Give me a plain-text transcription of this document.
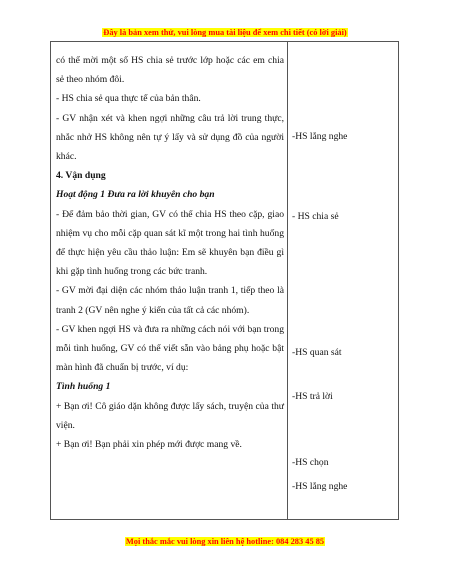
Đây là bản xem thử, vui lòng mua tài liệu để xem chi tiết (có lời giải)

có thể mời một số HS chia sẻ trước lớp hoặc các em chia sẻ theo nhóm đôi.

- HS chia sẻ qua thực tế của bản thân.

- GV nhận xét và khen ngợi những câu trả lời trung thực, nhắc nhở HS không nên tự ý lấy và sử dụng đồ của người khác.

4. Vận dụng

Hoạt động 1 Đưa ra lời khuyên cho bạn

- Để đảm bảo thời gian, GV có thể chia HS theo cặp, giao nhiệm vụ cho mỗi cặp quan sát kĩ một trong hai tình huống để thực hiện yêu cầu thảo luận: Em sẽ khuyên bạn điều gì khi gặp tình huống trong các bức tranh.

- GV mời đại diện các nhóm thảo luận tranh 1, tiếp theo là tranh 2 (GV nên nghe ý kiến của tất cả các nhóm).

- GV khen ngợi HS và đưa ra những cách nói với bạn trong mỗi tình huống, GV có thể viết sẵn vào bảng phụ hoặc bật màn hình đã chuẩn bị trước, ví dụ:

Tình huống 1

+ Bạn ơi! Cô giáo dặn không được lấy sách, truyện của thư viện.

+ Bạn ơi! Bạn phải xin phép mới được mang về.

-HS lắng nghe
- HS chia sẻ
-HS quan sát
-HS trả lời
-HS chọn
-HS lắng nghe
Mọi thắc mắc vui lòng xin liên hệ hotline: 084 283 45 85
